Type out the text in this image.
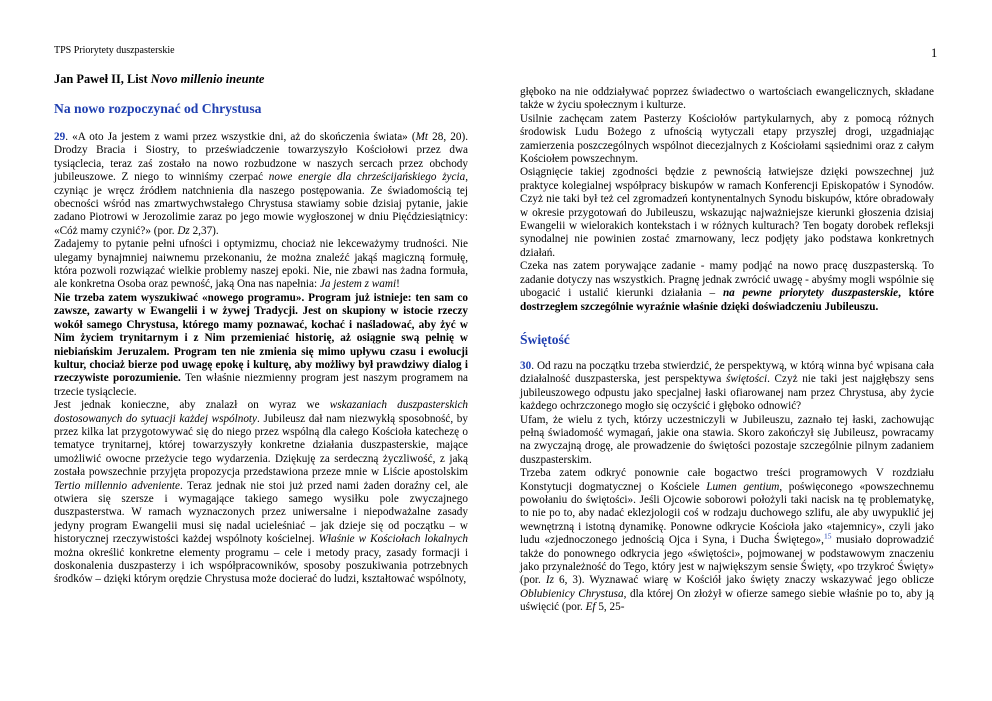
TPS Priorytety duszpasterskie	1
Jan Paweł II, List Novo millenio ineunte
Na nowo rozpoczynać od Chrystusa

29. «A oto Ja jestem z wami przez wszystkie dni, aż do skończenia świata» (Mt 28, 20). Drodzy Bracia i Siostry, to przeświadczenie towarzyszyło Kościołowi przez dwa tysiąclecia, teraz zaś zostało na nowo rozbudzone w naszych sercach przez obchody jubileuszowe. Z niego to winniśmy czerpać nowe energie dla chrześcijańskiego życia, czyniąc je wręcz źródłem natchnienia dla naszego postępowania. Ze świadomością tej obecności wśród nas zmartwychwstałego Chrystusa stawiamy sobie dzisiaj pytanie, jakie zadano Piotrowi w Jerozolimie zaraz po jego mowie wygłoszonej w dniu Pięćdziesiątnicy: «Cóż mamy czynić?» (por. Dz 2,37).

Zadajemy to pytanie pełni ufności i optymizmu, chociaż nie lekceważymy trudności. Nie ulegamy bynajmniej naiwnemu przekonaniu, że można znaleźć jakąś magiczną formułę, która pozwoli rozwiązać wielkie problemy naszej epoki. Nie, nie zbawi nas żadna formuła, ale konkretna Osoba oraz pewność, jaką Ona nas napełnia: Ja jestem z wami!

Nie trzeba zatem wyszukiwać «nowego programu». Program już istnieje: ten sam co zawsze, zawarty w Ewangelii i w żywej Tradycji. Jest on skupiony w istocie rzeczy wokół samego Chrystusa, którego mamy poznawać, kochać i naśladować, aby żyć w Nim życiem trynitarnym i z Nim przemieniać historię, aż osiągnie swą pełnię w niebiańskim Jeruzalem. Program ten nie zmienia się mimo upływu czasu i ewolucji kultur, chociaż bierze pod uwagę epokę i kulturę, aby możliwy był prawdziwy dialog i rzeczywiste porozumienie. Ten właśnie niezmienny program jest naszym programem na trzecie tysiąclecie.

Jest jednak konieczne, aby znalazł on wyraz we wskazaniach duszpasterskich dostosowanych do sytuacji każdej wspólnoty. Jubileusz dał nam niezwykłą sposobność, by przez kilka lat przygotowywać się do niego przez wspólną dla całego Kościoła katechezę o tematyce trynitarnej, której towarzyszyły konkretne działania duszpasterskie, mające umożliwić owocne przeżycie tego wydarzenia. Dziękuję za serdeczną życzliwość, z jaką została powszechnie przyjęta propozycja przedstawiona przeze mnie w Liście apostolskim Tertio millennio adveniente. Teraz jednak nie stoi już przed nami żaden doraźny cel, ale otwiera się szersze i wymagające takiego samego wysiłku pole zwyczajnego duszpasterstwa. W ramach wyznaczonych przez uniwersalne i niepodważalne zasady jedyny program Ewangelii musi się nadal ucieleśniać – jak dzieje się od początku – w historycznej rzeczywistości każdej wspólnoty kościelnej. Właśnie w Kościołach lokalnych można określić konkretne elementy programu – cele i metody pracy, zasady formacji i doskonalenia duszpasterzy i ich współpracowników, sposoby poszukiwania potrzebnych środków – dzięki którym orędzie Chrystusa może docierać do ludzi, kształtować wspólnoty,

głęboko na nie oddziaływać poprzez świadectwo o wartościach ewangelicznych, składane także w życiu społecznym i kulturze.

Usilnie zachęcam zatem Pasterzy Kościołów partykularnych, aby z pomocą różnych środowisk Ludu Bożego z ufnością wytyczali etapy przyszłej drogi, uzgadniając zamierzenia poszczególnych wspólnot diecezjalnych z Kościołami sąsiednimi oraz z całym Kościołem powszechnym.

Osiągnięcie takiej zgodności będzie z pewnością łatwiejsze dzięki powszechnej już praktyce kolegialnej współpracy biskupów w ramach Konferencji Episkopatów i Synodów. Czyż nie taki był też cel zgromadzeń kontynentalnych Synodu biskupów, które obradowały w okresie przygotowań do Jubileuszu, wskazując najważniejsze kierunki głoszenia dzisiaj Ewangelii w wielorakich kontekstach i w różnych kulturach? Ten bogaty dorobek refleksji synodalnej nie powinien zostać zmarnowany, lecz podjęty jako podstawa konkretnych działań.

Czeka nas zatem porywające zadanie - mamy podjąć na nowo pracę duszpasterską. To zadanie dotyczy nas wszystkich. Pragnę jednak zwrócić uwagę - abyśmy mogli wspólnie się ubogacić i ustalić kierunki działania – na pewne priorytety duszpasterskie, które dostrzegłem szczególnie wyraźnie właśnie dzięki doświadczeniu Jubileuszu.

Świętość

30. Od razu na początku trzeba stwierdzić, że perspektywą, w którą winna być wpisana cała działalność duszpasterska, jest perspektywa świętości. Czyż nie taki jest najgłębszy sens jubileuszowego odpustu jako specjalnej łaski ofiarowanej nam przez Chrystusa, aby życie każdego ochrzczonego mogło się oczyścić i głęboko odnowić?

Ufam, że wielu z tych, którzy uczestniczyli w Jubileuszu, zaznało tej łaski, zachowując pełną świadomość wymagań, jakie ona stawia. Skoro zakończył się Jubileusz, powracamy na zwyczajną drogę, ale prowadzenie do świętości pozostaje szczególnie pilnym zadaniem duszpasterskim.

Trzeba zatem odkryć ponownie całe bogactwo treści programowych V rozdziału Konstytucji dogmatycznej o Kościele Lumen gentium, poświęconego «powszechnemu powołaniu do świętości». Jeśli Ojcowie soborowi położyli taki nacisk na tę problematykę, to nie po to, aby nadać eklezjologii coś w rodzaju duchowego szlifu, ale aby uwypuklić jej wewnętrzną i istotną dynamikę. Ponowne odkrycie Kościoła jako «tajemnicy», czyli jako ludu «zjednoczonego jednością Ojca i Syna, i Ducha Świętego»,$^{15}$ musiało doprowadzić także do ponownego odkrycia jego «świętości», pojmowanej w podstawowym znaczeniu jako przynależność do Tego, który jest w największym sensie Święty, «po trzykroć Święty» (por. Iz 6, 3). Wyznawać wiarę w Kościół jako święty znaczy wskazywać jego oblicze Oblubienicy Chrystusa, dla której On złożył w ofierze samego siebie właśnie po to, aby ją uświęcić (por. Ef 5, 25-
